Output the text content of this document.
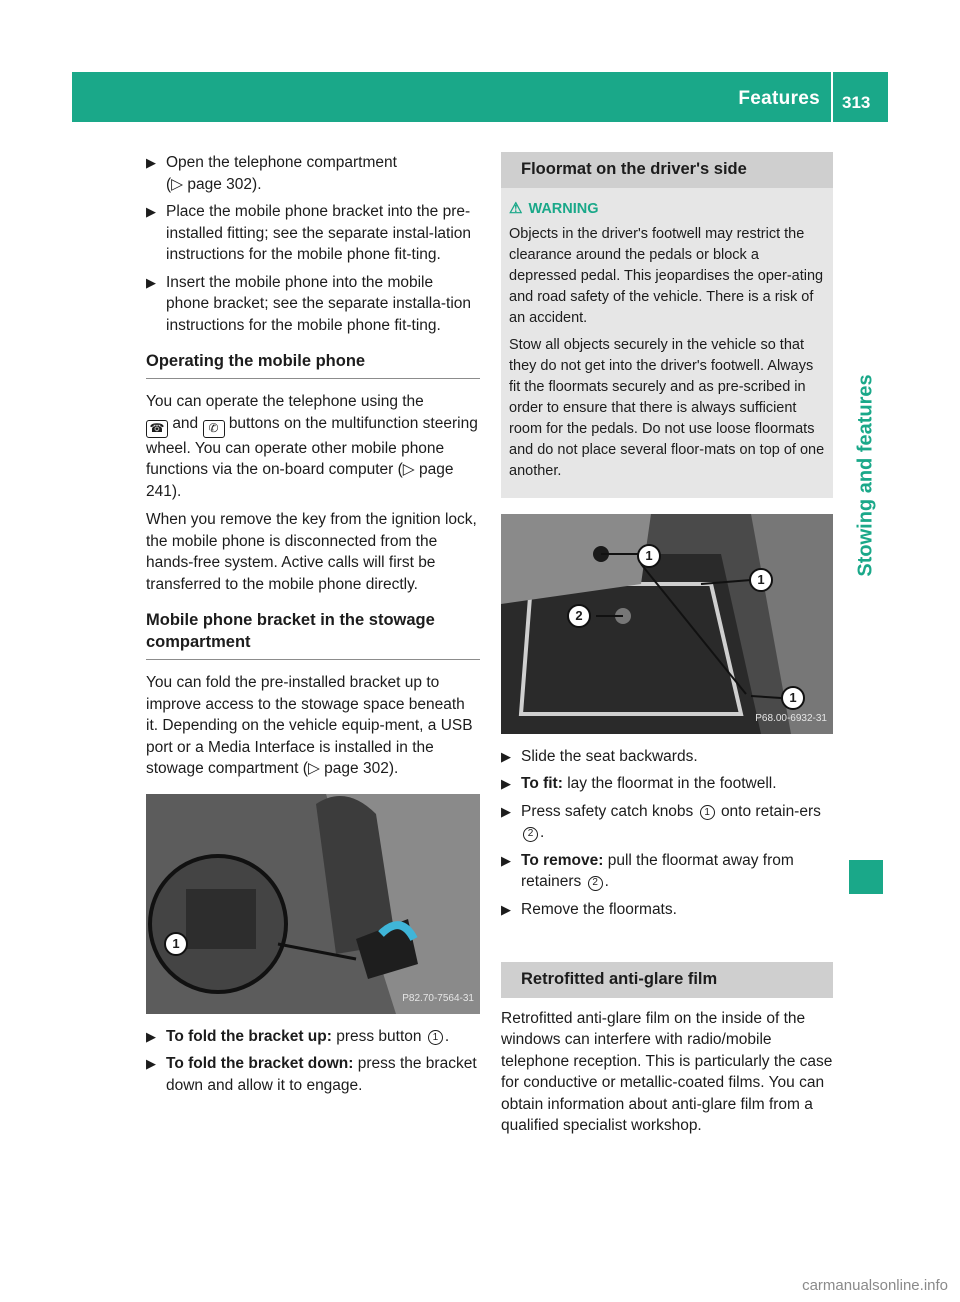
Features 313
Stowing and features
▶ Open the telephone compartment
(▷ page 302).
▶ Place the mobile phone bracket into the pre-installed fitting; see the separate instal-lation instructions for the mobile phone fit-ting.
▶ Insert the mobile phone into the mobile phone bracket; see the separate installa-tion instructions for the mobile phone fit-ting.
Operating the mobile phone

You can operate the telephone using the
☎ and ✆ buttons on the multifunction steering wheel. You can operate other mobile phone functions via the on-board computer (▷ page 241).

When you remove the key from the ignition lock, the mobile phone is disconnected from the hands-free system. Active calls will first be transferred to the mobile phone directly.

Mobile phone bracket in the stowage compartment

You can fold the pre-installed bracket up to improve access to the stowage space beneath it. Depending on the vehicle equip-ment, a USB port or a Media Interface is installed in the stowage compartment (▷ page 302).

1
P82.70-7564-31
▶ To fold the bracket up: press button 1 .
▶ To fold the bracket down: press the bracket down and allow it to engage.
Floormat on the driver's side
⚠ WARNING

Objects in the driver's footwell may restrict the clearance around the pedals or block a depressed pedal. This jeopardises the oper-ating and road safety of the vehicle. There is a risk of an accident.

Stow all objects securely in the vehicle so that they do not get into the driver's footwell. Always fit the floormats securely and as pre-scribed in order to ensure that there is always sufficient room for the pedals. Do not use loose floormats and do not place several floor-mats on top of one another.

1
1
2
1
P68.00-6932-31
▶ Slide the seat backwards.
▶ To fit: lay the floormat in the footwell.
▶ Press safety catch knobs 1 onto retain-ers 2 .
▶ To remove: pull the floormat away from retainers 2 .
▶ Remove the floormats.
Retrofitted anti-glare film

Retrofitted anti-glare film on the inside of the windows can interfere with radio/mobile telephone reception. This is particularly the case for conductive or metallic-coated films. You can obtain information about anti-glare film from a qualified specialist workshop.

carmanualsonline.info
